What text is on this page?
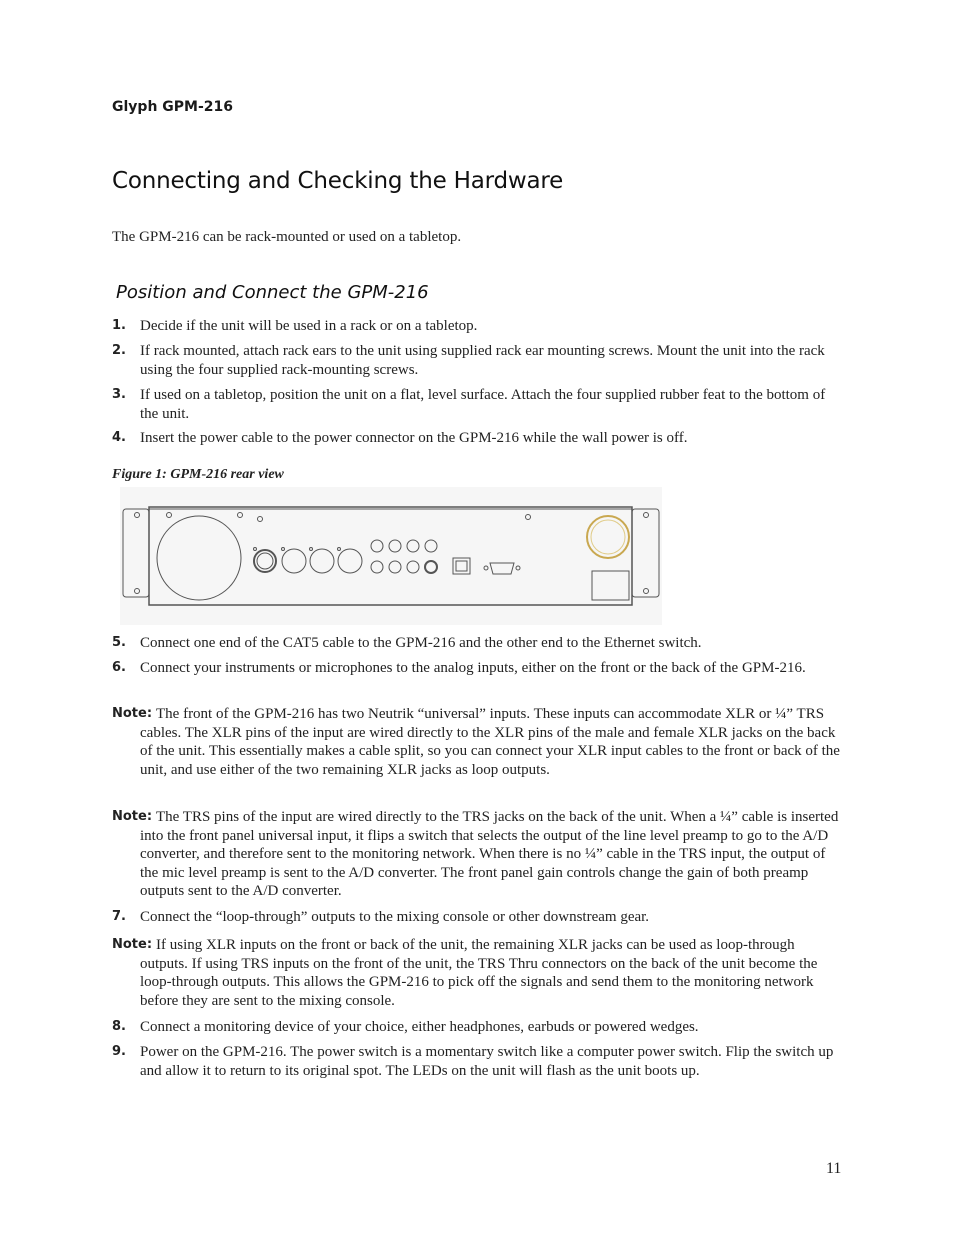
Glyph GPM-216
Connecting and Checking the Hardware
The GPM-216 can be rack-mounted or used on a tabletop.
Position and Connect the GPM-216
1. Decide if the unit will be used in a rack or on a tabletop.
2. If rack mounted, attach rack ears to the unit using supplied rack ear mounting screws. Mount the unit into the rack using the four supplied rack-mounting screws.
3. If used on a tabletop, position the unit on a flat, level surface. Attach the four supplied rubber feat to the bottom of the unit.
4. Insert the power cable to the power connector on the GPM-216 while the wall power is off.
Figure 1: GPM-216 rear view
5. Connect one end of the CAT5 cable to the GPM-216 and the other end to the Ethernet switch.
6. Connect your instruments or microphones to the analog inputs, either on the front or the back of the GPM-216.
Note: The front of the GPM-216 has two Neutrik “universal” inputs. These inputs can accommodate XLR or ¼” TRS cables. The XLR pins of the input are wired directly to the XLR pins of the male and female XLR jacks on the back of the unit. This essentially makes a cable split, so you can connect your XLR input cables to the front or back of the unit, and use either of the two remaining XLR jacks as loop outputs.
Note: The TRS pins of the input are wired directly to the TRS jacks on the back of the unit. When a ¼” cable is inserted into the front panel universal input, it flips a switch that selects the output of the line level preamp to go to the A/D converter, and therefore sent to the monitoring network. When there is no ¼” cable in the TRS input, the output of the mic level preamp is sent to the A/D converter. The front panel gain controls change the gain of both preamp outputs sent to the A/D converter.
7. Connect the “loop-through” outputs to the mixing console or other downstream gear.
Note: If using XLR inputs on the front or back of the unit, the remaining XLR jacks can be used as loop-through outputs. If using TRS inputs on the front of the unit, the TRS Thru connectors on the back of the unit become the loop-through outputs. This allows the GPM-216 to pick off the signals and send them to the monitoring network before they are sent to the mixing console.
8. Connect a monitoring device of your choice, either headphones, earbuds or powered wedges.
9. Power on the GPM-216. The power switch is a momentary switch like a computer power switch. Flip the switch up and allow it to return to its original spot. The LEDs on the unit will flash as the unit boots up.
11
